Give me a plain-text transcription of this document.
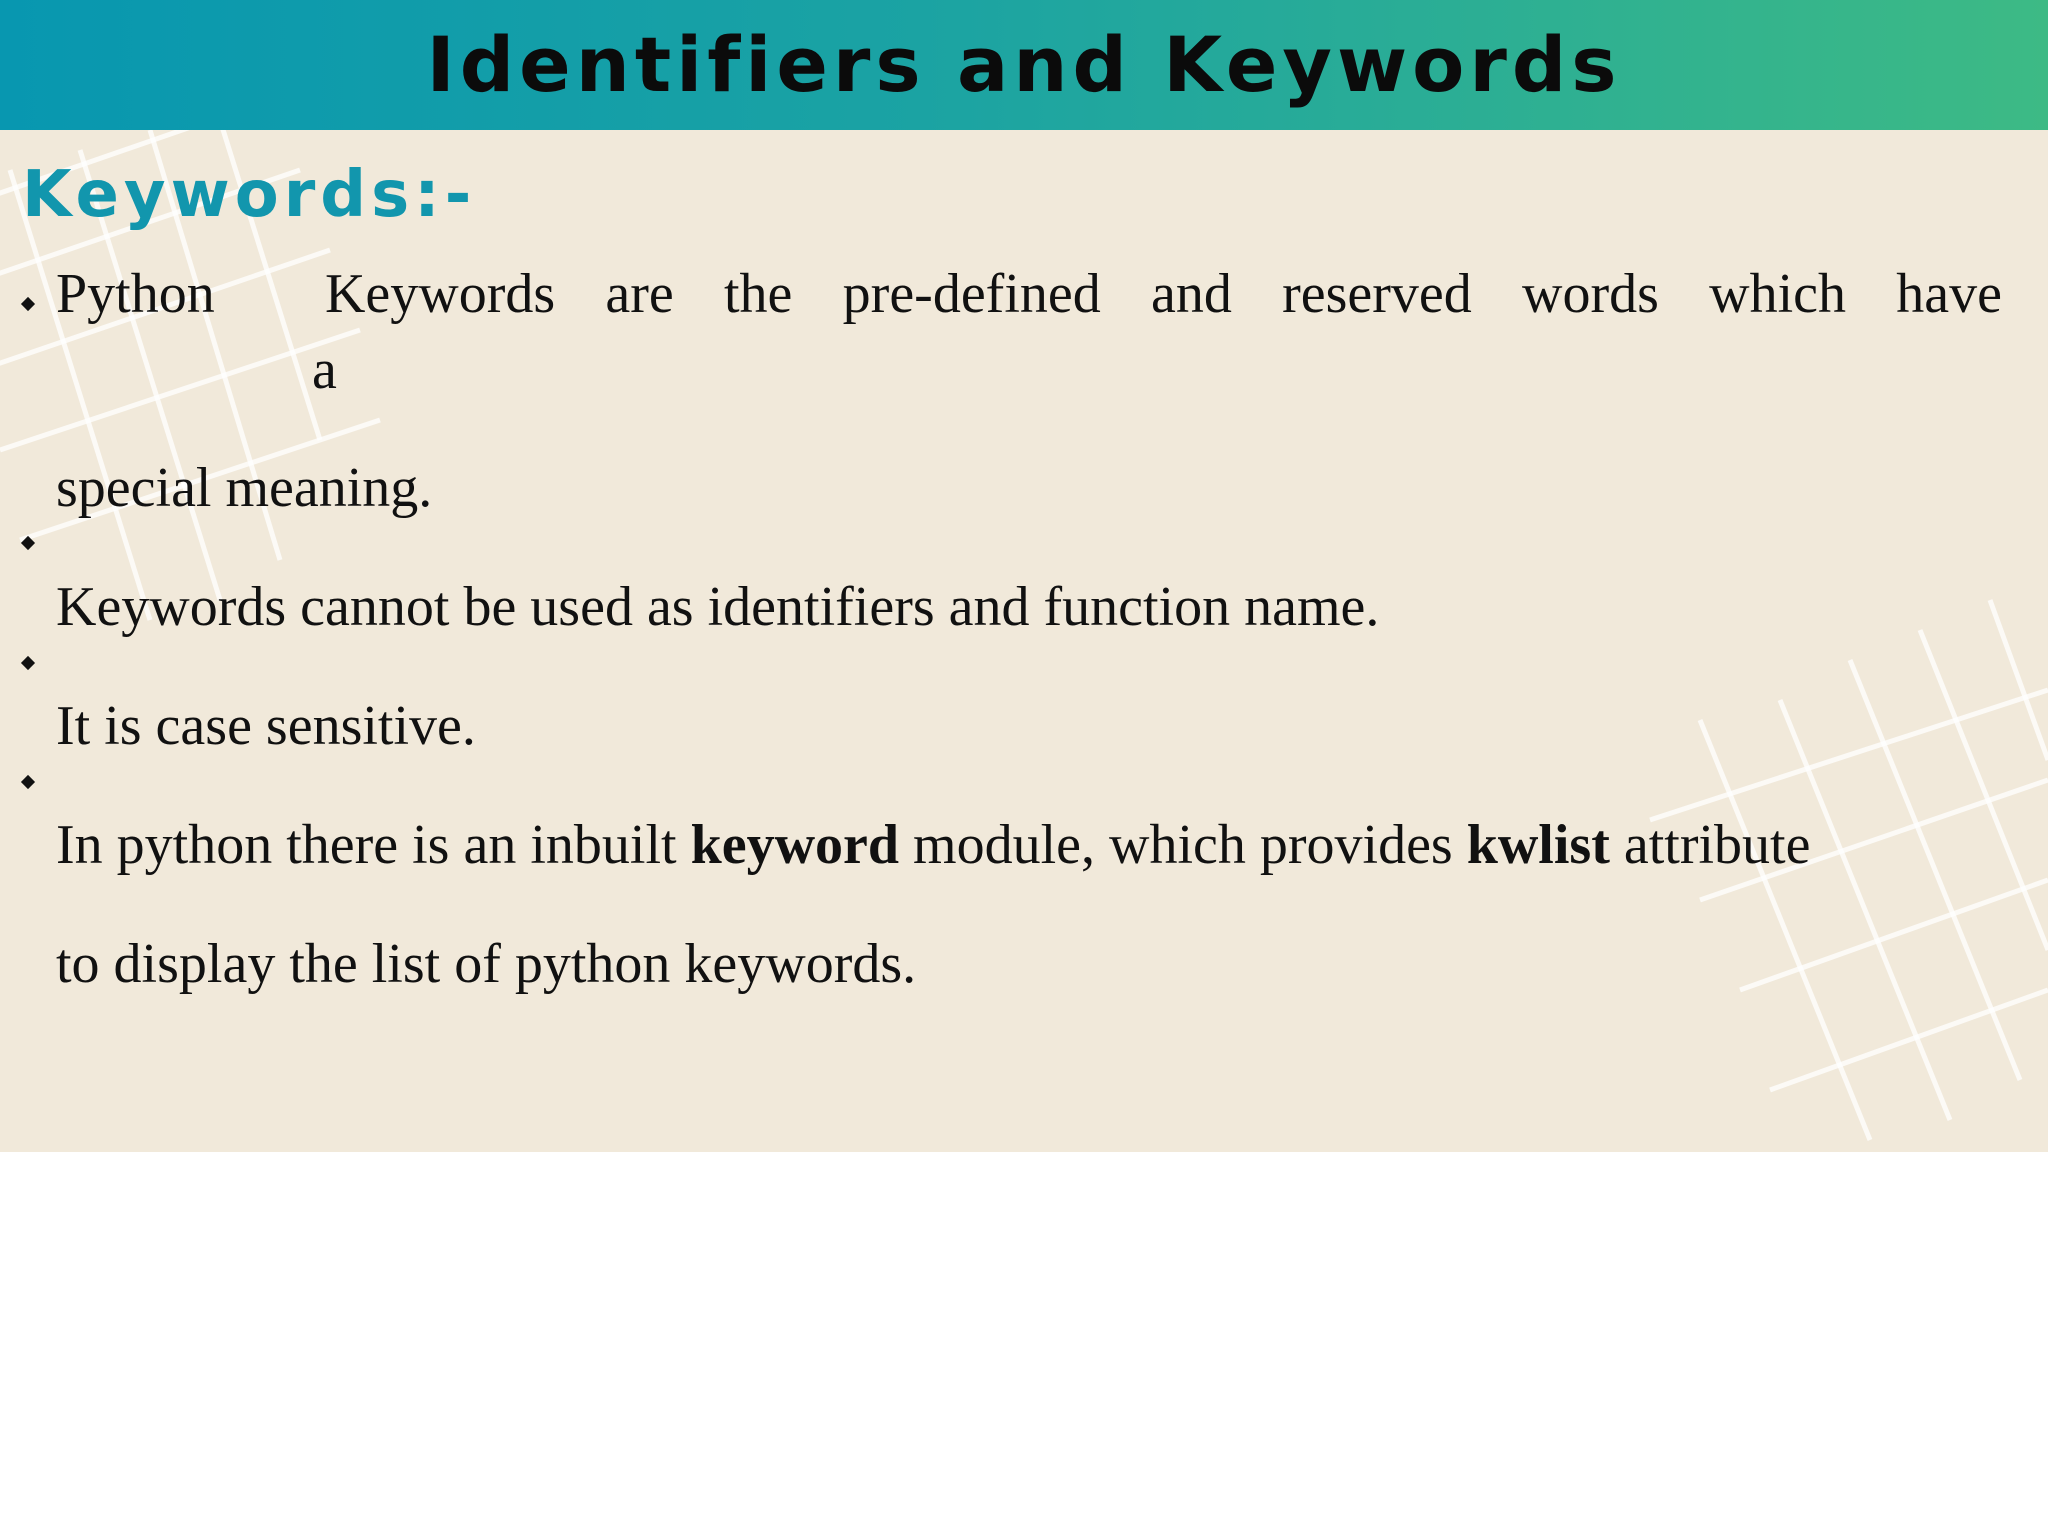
Identifiers and Keywords
Keywords:-
Python Keywords are the pre-defined and reserved words which have

a

special meaning.

Keywords cannot be used as identifiers and function name.

It is case sensitive.

In python there is an inbuilt keyword module, which provides kwlist attribute

to display the list of python keywords.
